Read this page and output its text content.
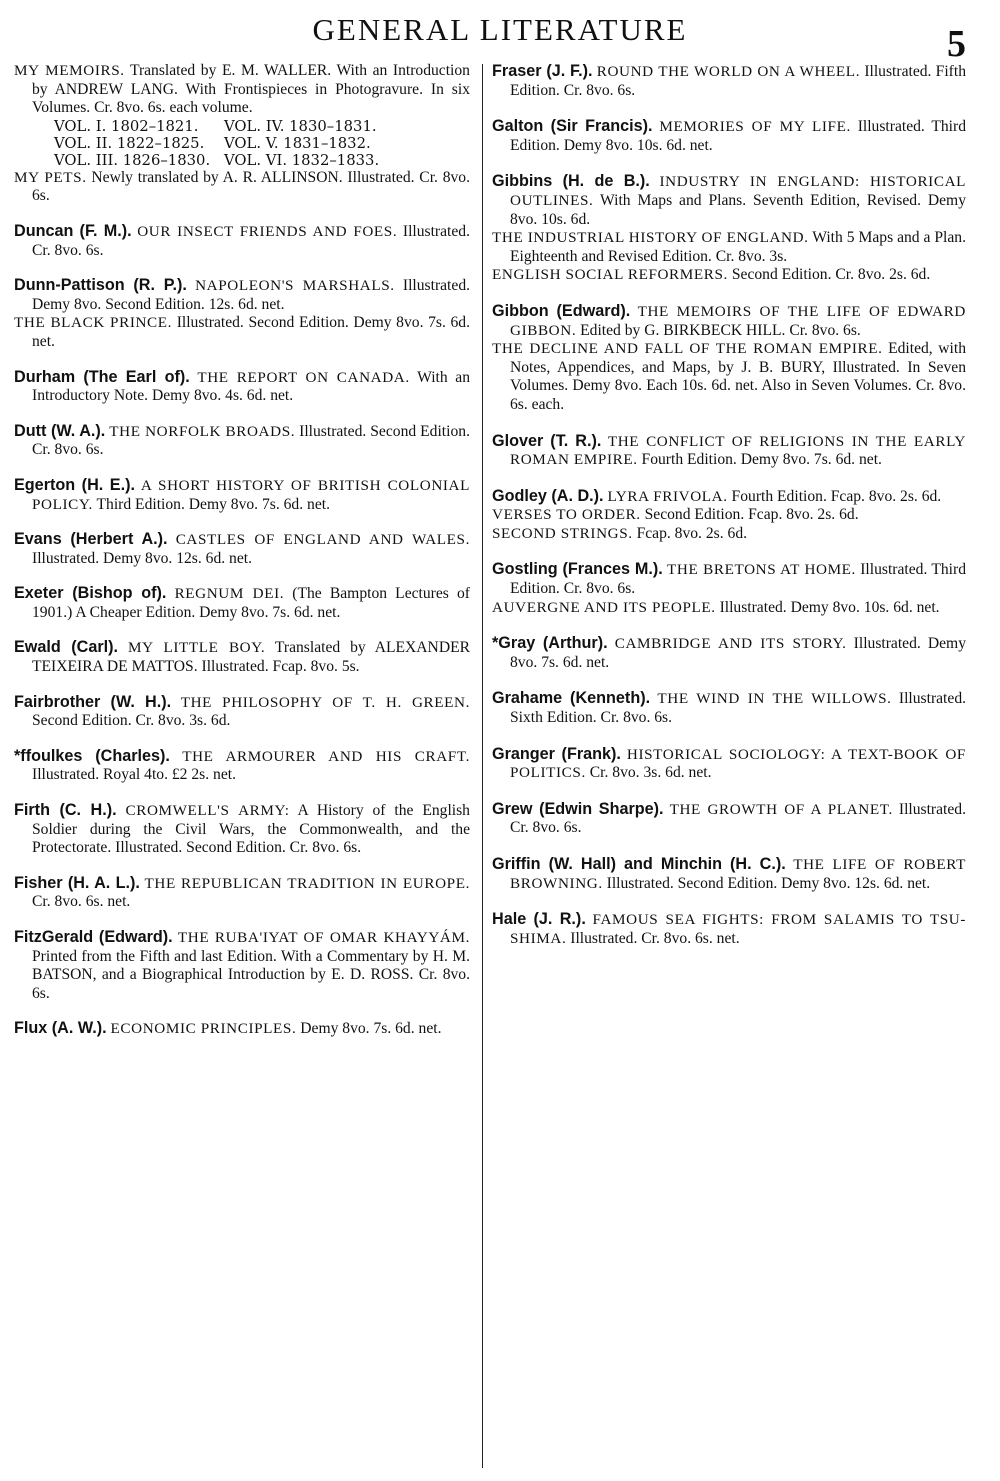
GENERAL LITERATURE	5
MY MEMOIRS. Translated by E. M. WALLER. With an Introduction by ANDREW LANG. With Frontispieces in Photogravure. In six Volumes. Cr. 8vo. 6s. each volume.
VOL. I. 1802–1821.	VOL. IV. 1830–1831.
VOL. II. 1822–1825.	VOL. V. 1831–1832.
VOL. III. 1826–1830. VOL. VI. 1832–1833.
MY PETS. Newly translated by A. R. ALLINSON. Illustrated. Cr. 8vo. 6s.
Duncan (F. M.). OUR INSECT FRIENDS AND FOES. Illustrated. Cr. 8vo. 6s.
Dunn-Pattison (R. P.). NAPOLEON'S MARSHALS. Illustrated. Demy 8vo. Second Edition. 12s. 6d. net.
THE BLACK PRINCE. Illustrated. Second Edition. Demy 8vo. 7s. 6d. net.
Durham (The Earl of). THE REPORT ON CANADA. With an Introductory Note. Demy 8vo. 4s. 6d. net.
Dutt (W. A.). THE NORFOLK BROADS. Illustrated. Second Edition. Cr. 8vo. 6s.
Egerton (H. E.). A SHORT HISTORY OF BRITISH COLONIAL POLICY. Third Edition. Demy 8vo. 7s. 6d. net.
Evans (Herbert A.). CASTLES OF ENGLAND AND WALES. Illustrated. Demy 8vo. 12s. 6d. net.
Exeter (Bishop of). REGNUM DEI. (The Bampton Lectures of 1901.) A Cheaper Edition. Demy 8vo. 7s. 6d. net.
Ewald (Carl). MY LITTLE BOY. Translated by ALEXANDER TEIXEIRA DE MATTOS. Illustrated. Fcap. 8vo. 5s.
Fairbrother (W. H.). THE PHILOSOPHY OF T. H. GREEN. Second Edition. Cr. 8vo. 3s. 6d.
*ffoulkes (Charles). THE ARMOURER AND HIS CRAFT. Illustrated. Royal 4to. £2 2s. net.
Firth (C. H.). CROMWELL'S ARMY: A History of the English Soldier during the Civil Wars, the Commonwealth, and the Protectorate. Illustrated. Second Edition. Cr. 8vo. 6s.
Fisher (H. A. L.). THE REPUBLICAN TRADITION IN EUROPE. Cr. 8vo. 6s. net.
FitzGerald (Edward). THE RUBA'IYAT OF OMAR KHAYYÁM. Printed from the Fifth and last Edition. With a Commentary by H. M. BATSON, and a Biographical Introduction by E. D. ROSS. Cr. 8vo. 6s.
Flux (A. W.). ECONOMIC PRINCIPLES. Demy 8vo. 7s. 6d. net.
Fraser (J. F.). ROUND THE WORLD ON A WHEEL. Illustrated. Fifth Edition. Cr. 8vo. 6s.
Galton (Sir Francis). MEMORIES OF MY LIFE. Illustrated. Third Edition. Demy 8vo. 10s. 6d. net.
Gibbins (H. de B.). INDUSTRY IN ENGLAND: HISTORICAL OUTLINES. With Maps and Plans. Seventh Edition, Revised. Demy 8vo. 10s. 6d.
THE INDUSTRIAL HISTORY OF ENGLAND. With 5 Maps and a Plan. Eighteenth and Revised Edition. Cr. 8vo. 3s.
ENGLISH SOCIAL REFORMERS. Second Edition. Cr. 8vo. 2s. 6d.
Gibbon (Edward). THE MEMOIRS OF THE LIFE OF EDWARD GIBBON. Edited by G. BIRKBECK HILL. Cr. 8vo. 6s.
THE DECLINE AND FALL OF THE ROMAN EMPIRE. Edited, with Notes, Appendices, and Maps, by J. B. BURY, Illustrated. In Seven Volumes. Demy 8vo. Each 10s. 6d. net. Also in Seven Volumes. Cr. 8vo. 6s. each.
Glover (T. R.). THE CONFLICT OF RELIGIONS IN THE EARLY ROMAN EMPIRE. Fourth Edition. Demy 8vo. 7s. 6d. net.
Godley (A. D.). LYRA FRIVOLA. Fourth Edition. Fcap. 8vo. 2s. 6d.
VERSES TO ORDER. Second Edition. Fcap. 8vo. 2s. 6d.
SECOND STRINGS. Fcap. 8vo. 2s. 6d.
Gostling (Frances M.). THE BRETONS AT HOME. Illustrated. Third Edition. Cr. 8vo. 6s.
AUVERGNE AND ITS PEOPLE. Illustrated. Demy 8vo. 10s. 6d. net.
*Gray (Arthur). CAMBRIDGE AND ITS STORY. Illustrated. Demy 8vo. 7s. 6d. net.
Grahame (Kenneth). THE WIND IN THE WILLOWS. Illustrated. Sixth Edition. Cr. 8vo. 6s.
Granger (Frank). HISTORICAL SOCIOLOGY: A TEXT-BOOK OF POLITICS. Cr. 8vo. 3s. 6d. net.
Grew (Edwin Sharpe). THE GROWTH OF A PLANET. Illustrated. Cr. 8vo. 6s.
Griffin (W. Hall) and Minchin (H. C.). THE LIFE OF ROBERT BROWNING. Illustrated. Second Edition. Demy 8vo. 12s. 6d. net.
Hale (J. R.). FAMOUS SEA FIGHTS: FROM SALAMIS TO TSU-SHIMA. Illustrated. Cr. 8vo. 6s. net.
